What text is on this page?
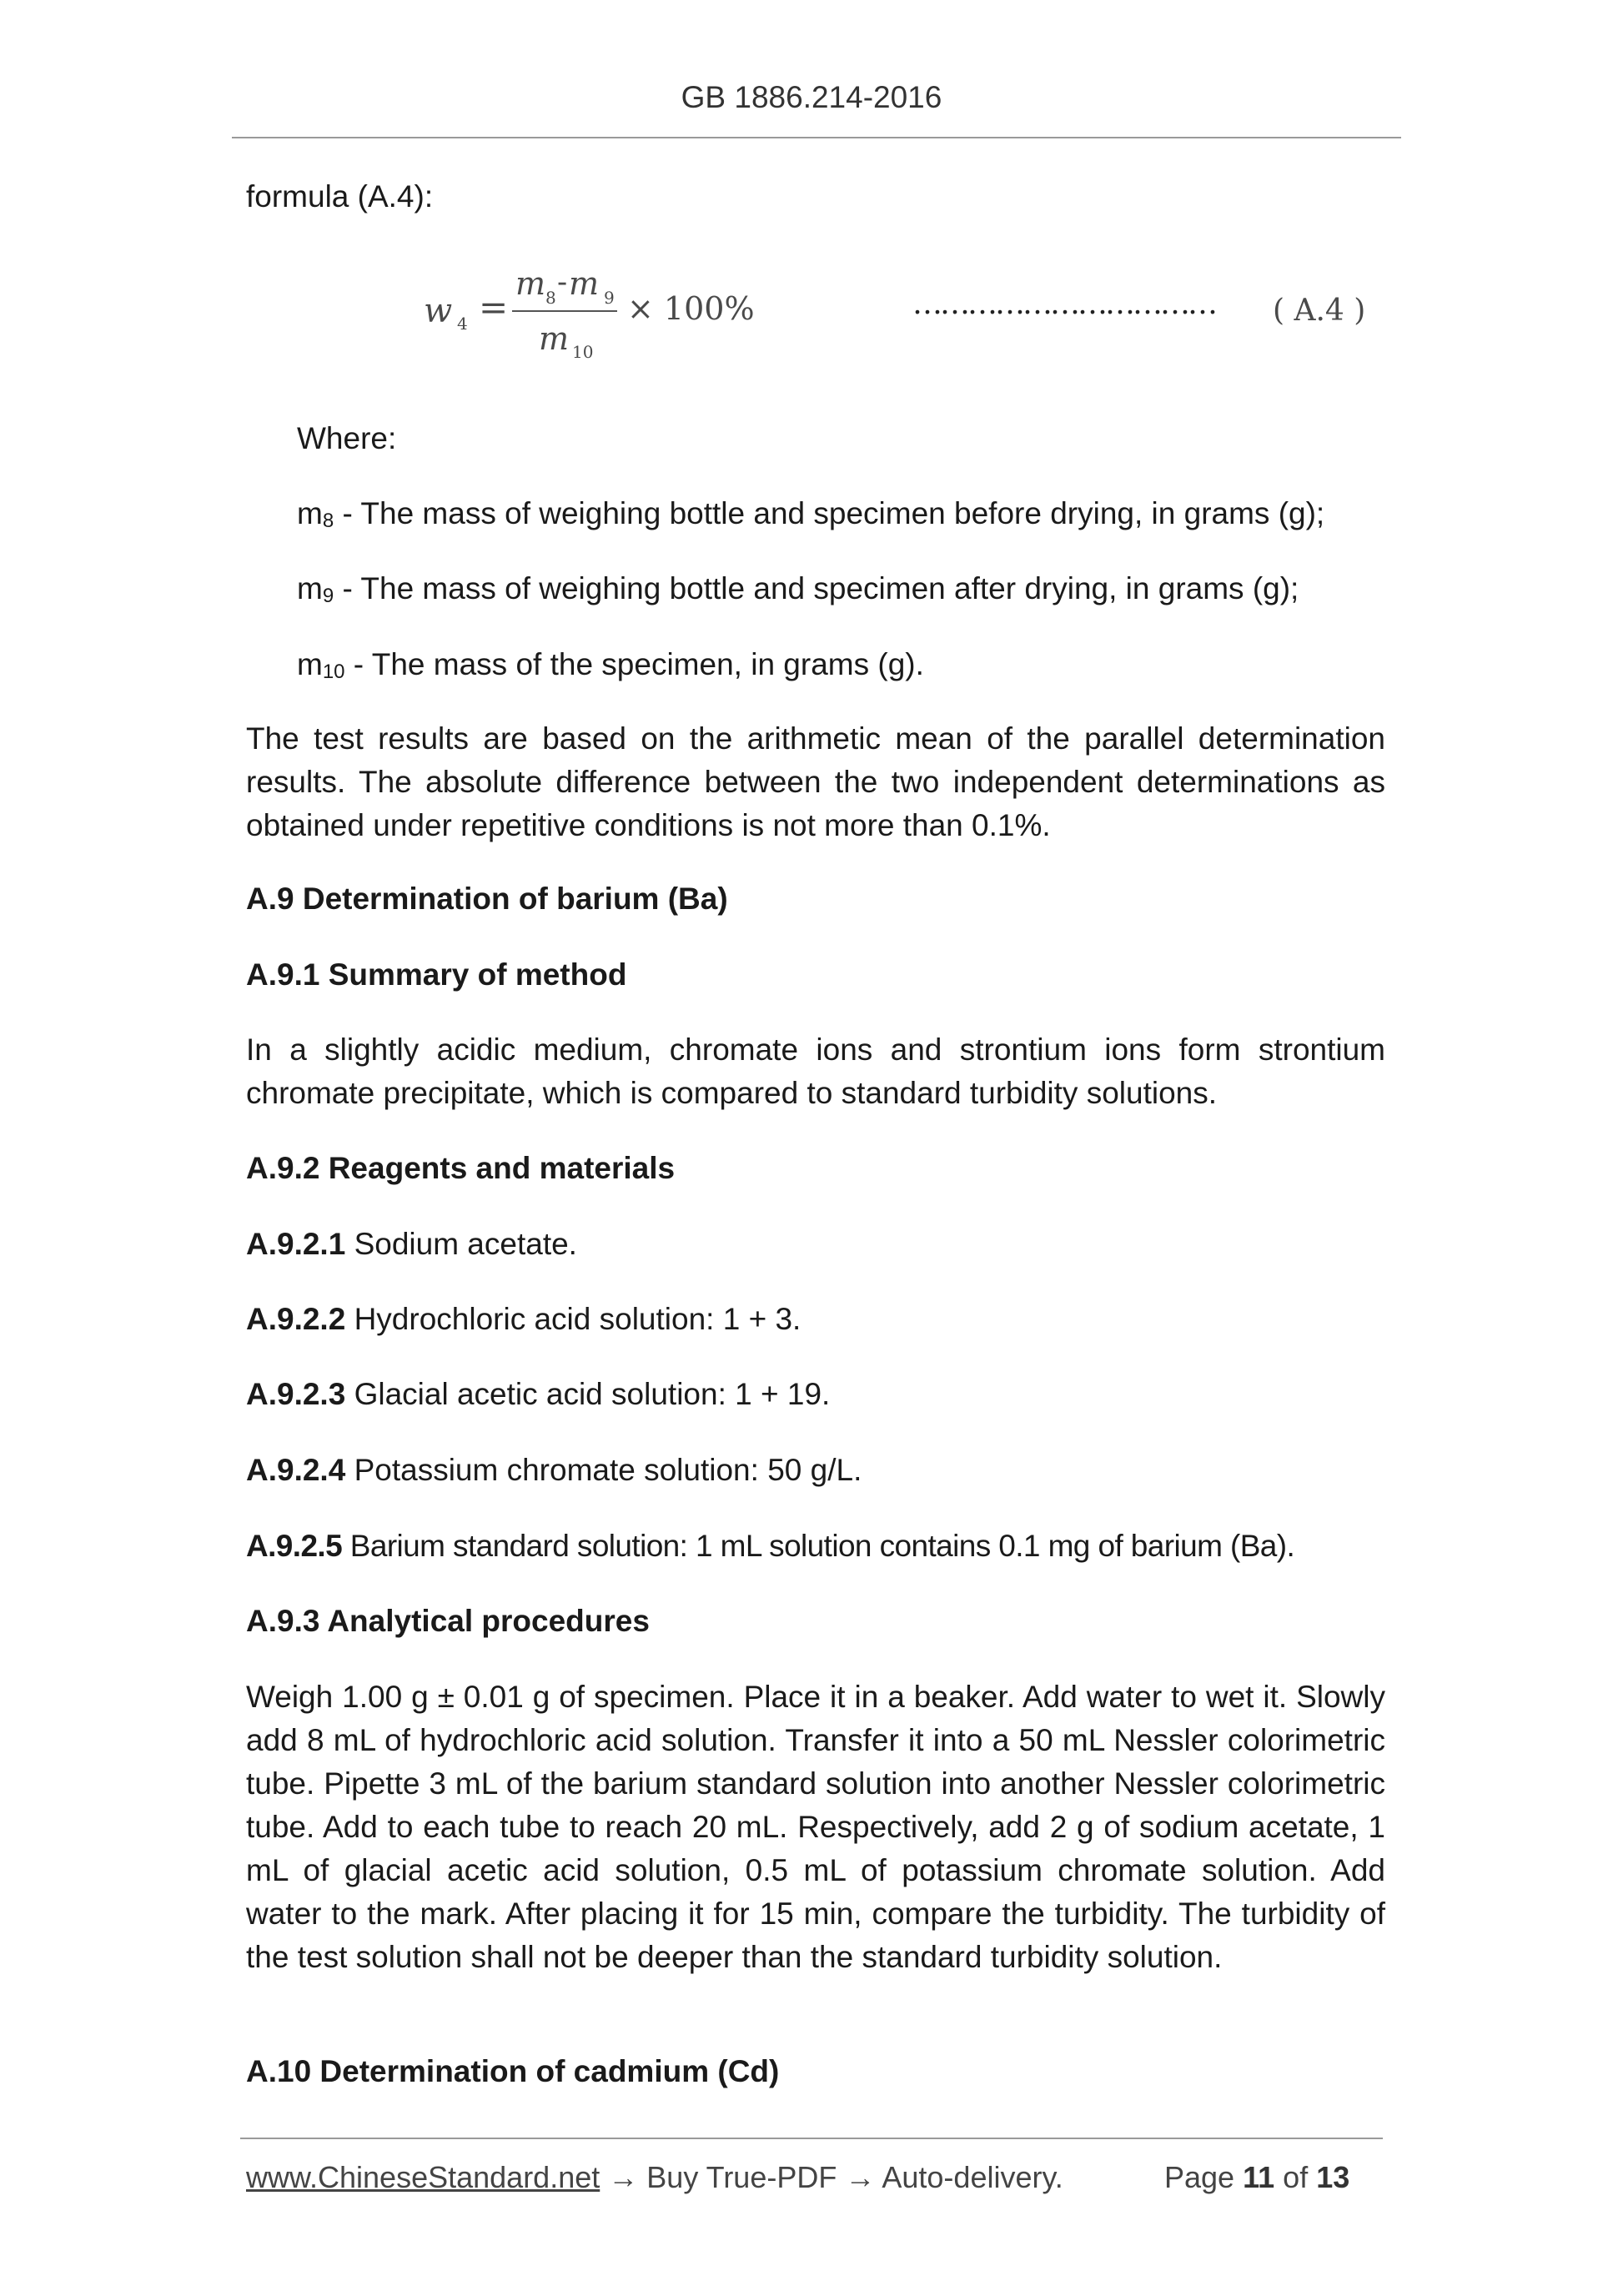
GB 1886.214-2016
formula (A.4):
w 4 =
m 8 - m 9
m 10
× 100%	…………………………… ( A.4 )
Where:
$m_8$ - The mass of weighing bottle and specimen before drying, in grams (g);
$m_9$ - The mass of weighing bottle and specimen after drying, in grams (g);
$m_{10}$ - The mass of the specimen, in grams (g).
The test results are based on the arithmetic mean of the parallel determination results. The absolute difference between the two independent determinations as obtained under repetitive conditions is not more than 0.1%.
A.9 Determination of barium (Ba)
A.9.1 Summary of method
In a slightly acidic medium, chromate ions and strontium ions form strontium chromate precipitate, which is compared to standard turbidity solutions.
A.9.2 Reagents and materials
A.9.2.1 Sodium acetate.
A.9.2.2 Hydrochloric acid solution: 1 + 3.
A.9.2.3 Glacial acetic acid solution: 1 + 19.
A.9.2.4 Potassium chromate solution: 50 g/L.
A.9.2.5 Barium standard solution: 1 mL solution contains 0.1 mg of barium (Ba).
A.9.3 Analytical procedures
Weigh 1.00 g ± 0.01 g of specimen. Place it in a beaker. Add water to wet it. Slowly add 8 mL of hydrochloric acid solution. Transfer it into a 50 mL Nessler colorimetric tube. Pipette 3 mL of the barium standard solution into another Nessler colorimetric tube. Add to each tube to reach 20 mL. Respectively, add 2 g of sodium acetate, 1 mL of glacial acetic acid solution, 0.5 mL of potassium chromate solution. Add water to the mark. After placing it for 15 min, compare the turbidity. The turbidity of the test solution shall not be deeper than the standard turbidity solution.
A.10 Determination of cadmium (Cd)
www.ChineseStandard.net → Buy True-PDF → Auto-delivery.	Page 11 of 13
